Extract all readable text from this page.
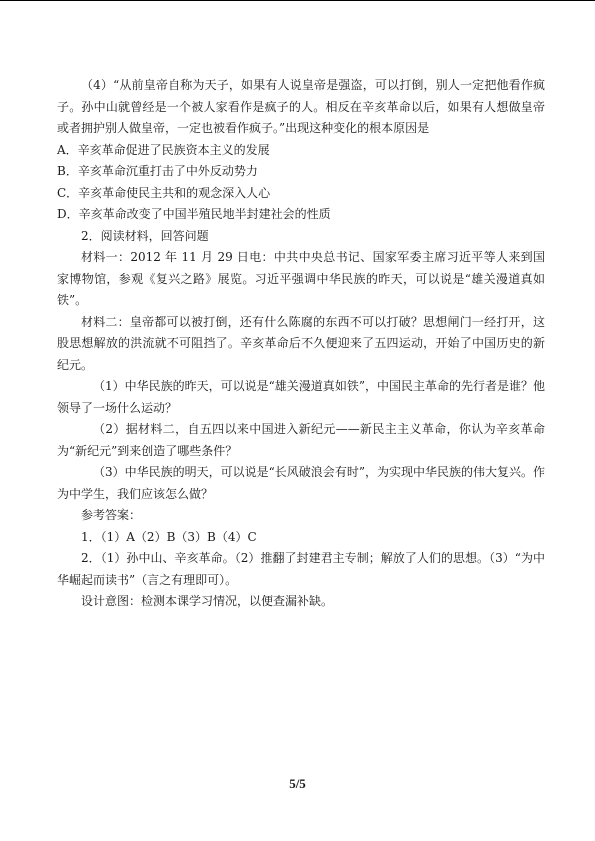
（4）“从前皇帝自称为天子，如果有人说皇帝是强盗，可以打倒，别人一定把他看作疯子。孙中山就曾经是一个被人家看作是疯子的人。相反在辛亥革命以后，如果有人想做皇帝或者拥护别人做皇帝，一定也被看作疯子。”出现这种变化的根本原因是

A．辛亥革命促进了民族资本主义的发展

B．辛亥革命沉重打击了中外反动势力

C．辛亥革命使民主共和的观念深入人心

D．辛亥革命改变了中国半殖民地半封建社会的性质

2．阅读材料，回答问题

材料一：2012 年 11 月 29 日电：中共中央总书记、国家军委主席习近平等人来到国家博物馆，参观《复兴之路》展览。习近平强调中华民族的昨天，可以说是“雄关漫道真如铁”。

材料二：皇帝都可以被打倒，还有什么陈腐的东西不可以打破？思想闸门一经打开，这股思想解放的洪流就不可阻挡了。辛亥革命后不久便迎来了五四运动，开始了中国历史的新纪元。

（1）中华民族的昨天，可以说是“雄关漫道真如铁”，中国民主革命的先行者是谁？他领导了一场什么运动？

（2）据材料二，自五四以来中国进入新纪元——新民主主义革命，你认为辛亥革命为“新纪元”到来创造了哪些条件？

（3）中华民族的明天，可以说是“长风破浪会有时”，为实现中华民族的伟大复兴。作为中学生，我们应该怎么做？

参考答案：

1．（1）A（2）B（3）B（4）C

2．（1）孙中山、辛亥革命。（2）推翻了封建君主专制；解放了人们的思想。（3）“为中华崛起而读书”（言之有理即可）。

设计意图：检测本课学习情况，以便查漏补缺。

5/5
